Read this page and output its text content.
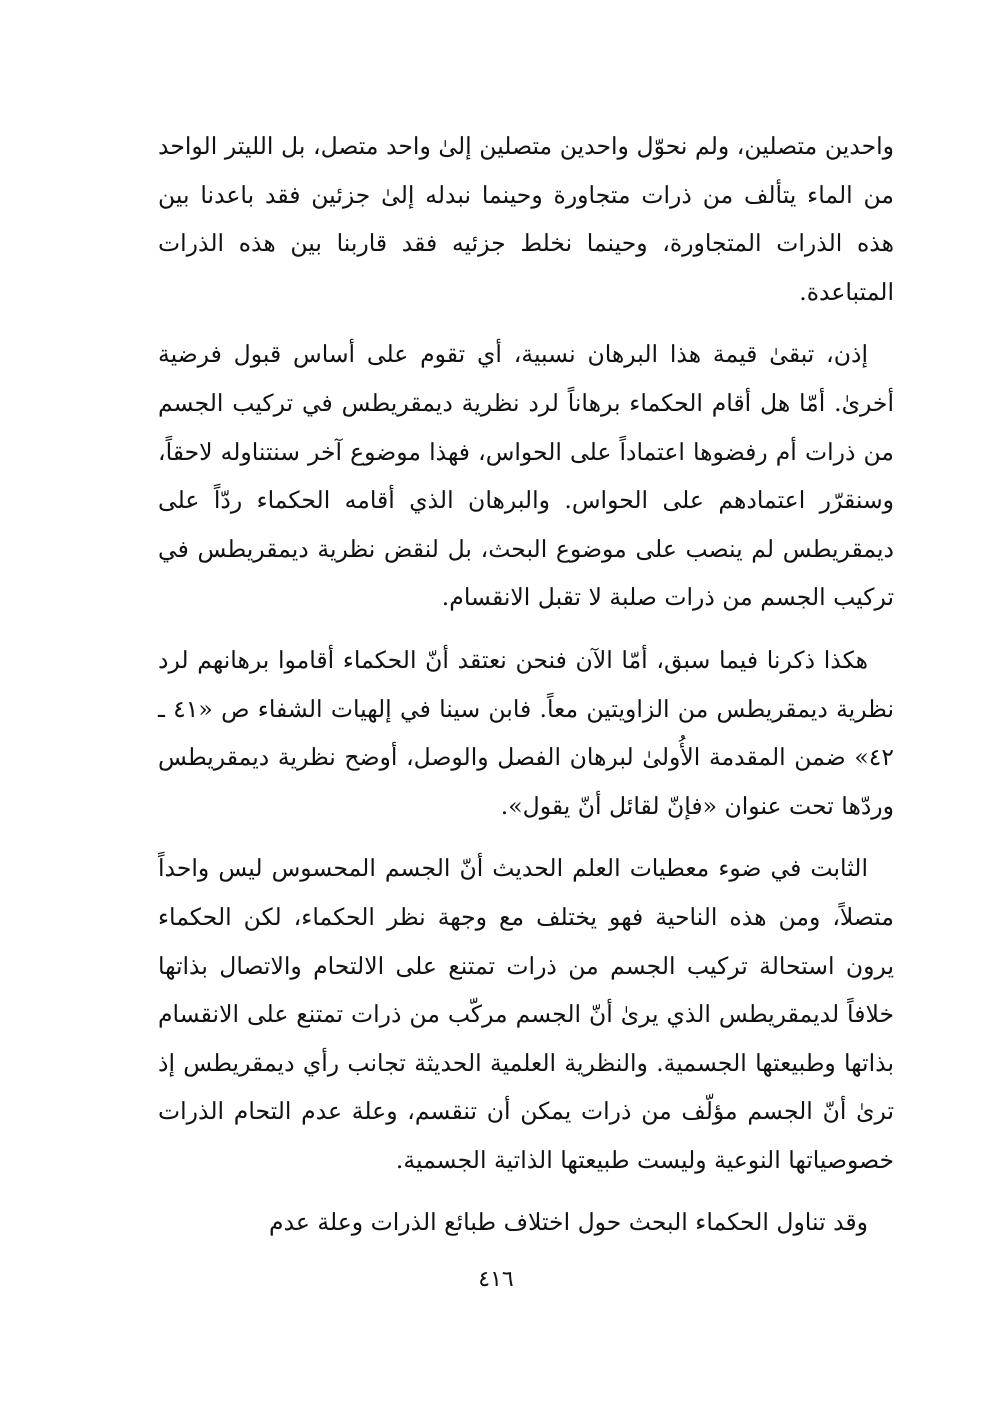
واحدين متصلين، ولم نحوّل واحدين متصلين إلىٰ واحد متصل، بل الليتر الواحد من الماء يتألف من ذرات متجاورة وحينما نبدله إلىٰ جزئين فقد باعدنا بين هذه الذرات المتجاورة، وحينما نخلط جزئيه فقد قاربنا بين هذه الذرات المتباعدة.

إذن، تبقىٰ قيمة هذا البرهان نسبية، أي تقوم على أساس قبول فرضية أخرىٰ. أمّا هل أقام الحكماء برهاناً لرد نظرية ديمقريطس في تركيب الجسم من ذرات أم رفضوها اعتماداً على الحواس، فهذا موضوع آخر سنتناوله لاحقاً، وسنقرّر اعتمادهم على الحواس. والبرهان الذي أقامه الحكماء ردّاً على ديمقريطس لم ينصب على موضوع البحث، بل لنقض نظرية ديمقريطس في تركيب الجسم من ذرات صلبة لا تقبل الانقسام.

هكذا ذكرنا فيما سبق، أمّا الآن فنحن نعتقد أنّ الحكماء أقاموا برهانهم لرد نظرية ديمقريطس من الزاويتين معاً. فابن سينا في إلهيات الشفاء ص «٤١ ـ ٤٢» ضمن المقدمة الأُولىٰ لبرهان الفصل والوصل، أوضح نظرية ديمقريطس وردّها تحت عنوان «فإنّ لقائل أنّ يقول».

الثابت في ضوء معطيات العلم الحديث أنّ الجسم المحسوس ليس واحداً متصلاً، ومن هذه الناحية فهو يختلف مع وجهة نظر الحكماء، لكن الحكماء يرون استحالة تركيب الجسم من ذرات تمتنع على الالتحام والاتصال بذاتها خلافاً لديمقريطس الذي يرىٰ أنّ الجسم مركّب من ذرات تمتنع على الانقسام بذاتها وطبيعتها الجسمية. والنظرية العلمية الحديثة تجانب رأي ديمقريطس إذ ترىٰ أنّ الجسم مؤلّف من ذرات يمكن أن تنقسم، وعلة عدم التحام الذرات خصوصياتها النوعية وليست طبيعتها الذاتية الجسمية.

وقد تناول الحكماء البحث حول اختلاف طبائع الذرات وعلة عدم

٤١٦
